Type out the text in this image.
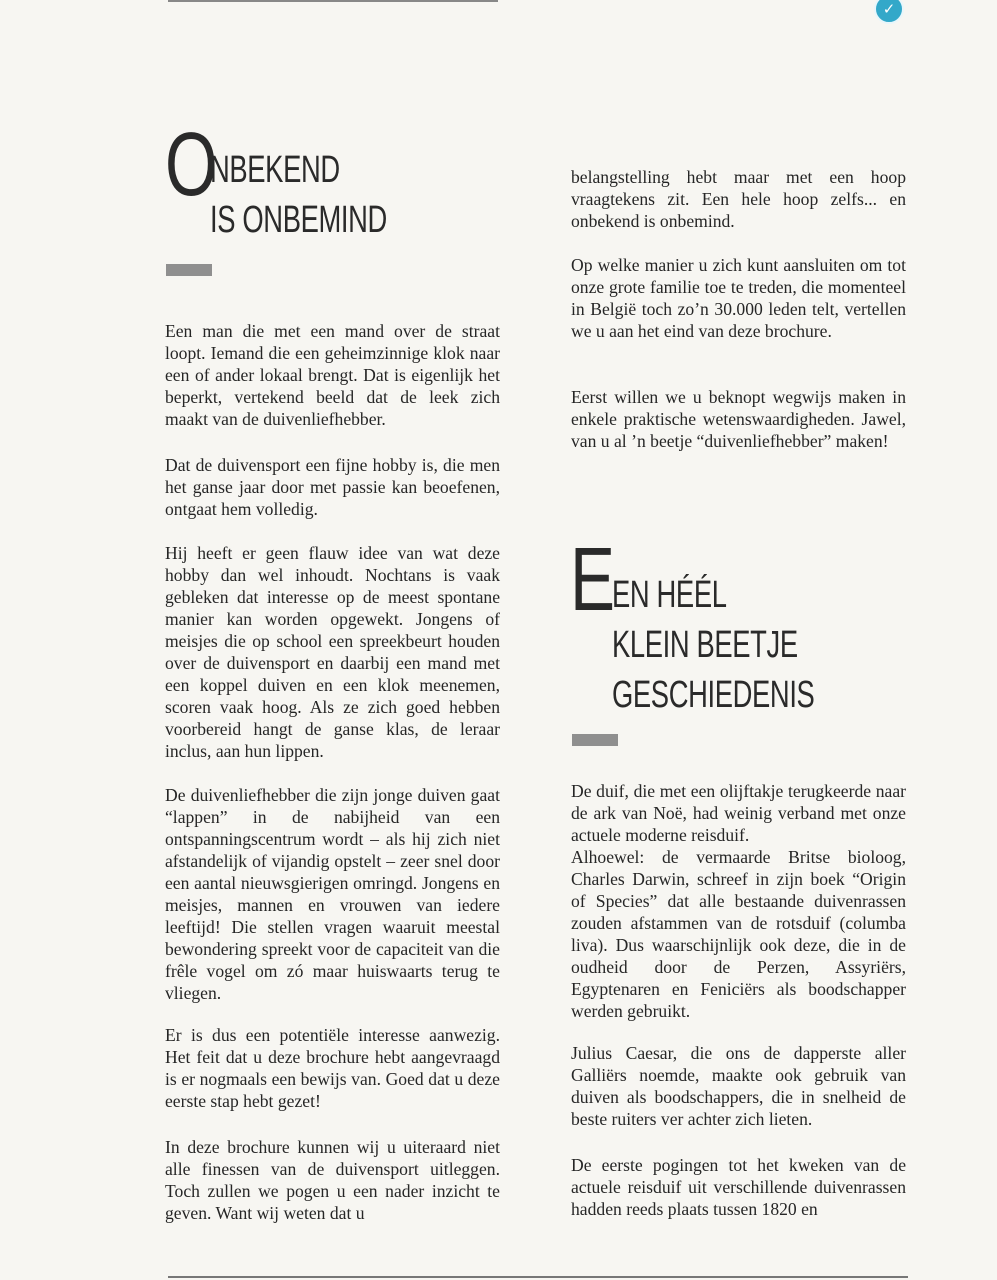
✓
O
NBEKEND
IS ONBEMIND

Een man die met een mand over de straat loopt. Iemand die een geheimzinnige klok naar een of ander lokaal brengt. Dat is eigenlijk het beperkt, vertekend beeld dat de leek zich maakt van de duivenliefhebber.

Dat de duivensport een fijne hobby is, die men het ganse jaar door met passie kan beoefenen, ontgaat hem volledig.

Hij heeft er geen flauw idee van wat deze hobby dan wel inhoudt. Nochtans is vaak gebleken dat interesse op de meest spontane manier kan worden opgewekt. Jongens of meisjes die op school een spreekbeurt houden over de duivensport en daarbij een mand met een koppel duiven en een klok meenemen, scoren vaak hoog. Als ze zich goed hebben voorbereid hangt de ganse klas, de leraar inclus, aan hun lippen.

De duivenliefhebber die zijn jonge duiven gaat “lappen” in de nabijheid van een ontspanningscentrum wordt – als hij zich niet afstandelijk of vijandig opstelt – zeer snel door een aantal nieuwsgierigen omringd. Jongens en meisjes, mannen en vrouwen van iedere leeftijd! Die stellen vragen waaruit meestal bewondering spreekt voor de capaciteit van die frêle vogel om zó maar huiswaarts terug te vliegen.

Er is dus een potentiële interesse aanwezig. Het feit dat u deze brochure hebt aangevraagd is er nogmaals een bewijs van. Goed dat u deze eerste stap hebt gezet!

In deze brochure kunnen wij u uiteraard niet alle finessen van de duivensport uitleggen. Toch zullen we pogen u een nader inzicht te geven. Want wij weten dat u

belangstelling hebt maar met een hoop vraagtekens zit. Een hele hoop zelfs... en onbekend is onbemind.

Op welke manier u zich kunt aansluiten om tot onze grote familie toe te treden, die momenteel in België toch zo’n 30.000 leden telt, vertellen we u aan het eind van deze brochure.

Eerst willen we u beknopt wegwijs maken in enkele praktische wetenswaardigheden. Jawel, van u al ’n beetje “duivenliefhebber” maken!

E
EN HÉÉL
KLEIN BEETJE
GESCHIEDENIS

De duif, die met een olijftakje terugkeerde naar de ark van Noë, had weinig verband met onze actuele moderne reisduif.

Alhoewel: de vermaarde Britse bioloog, Charles Darwin, schreef in zijn boek “Origin of Species” dat alle bestaande duivenrassen zouden afstammen van de rotsduif (columba liva). Dus waarschijnlijk ook deze, die in de oudheid door de Perzen, Assyriërs, Egyptenaren en Feniciërs als boodschapper werden gebruikt.

Julius Caesar, die ons de dapperste aller Galliërs noemde, maakte ook gebruik van duiven als boodschappers, die in snelheid de beste ruiters ver achter zich lieten.

De eerste pogingen tot het kweken van de actuele reisduif uit verschillende duivenrassen hadden reeds plaats tussen 1820 en
